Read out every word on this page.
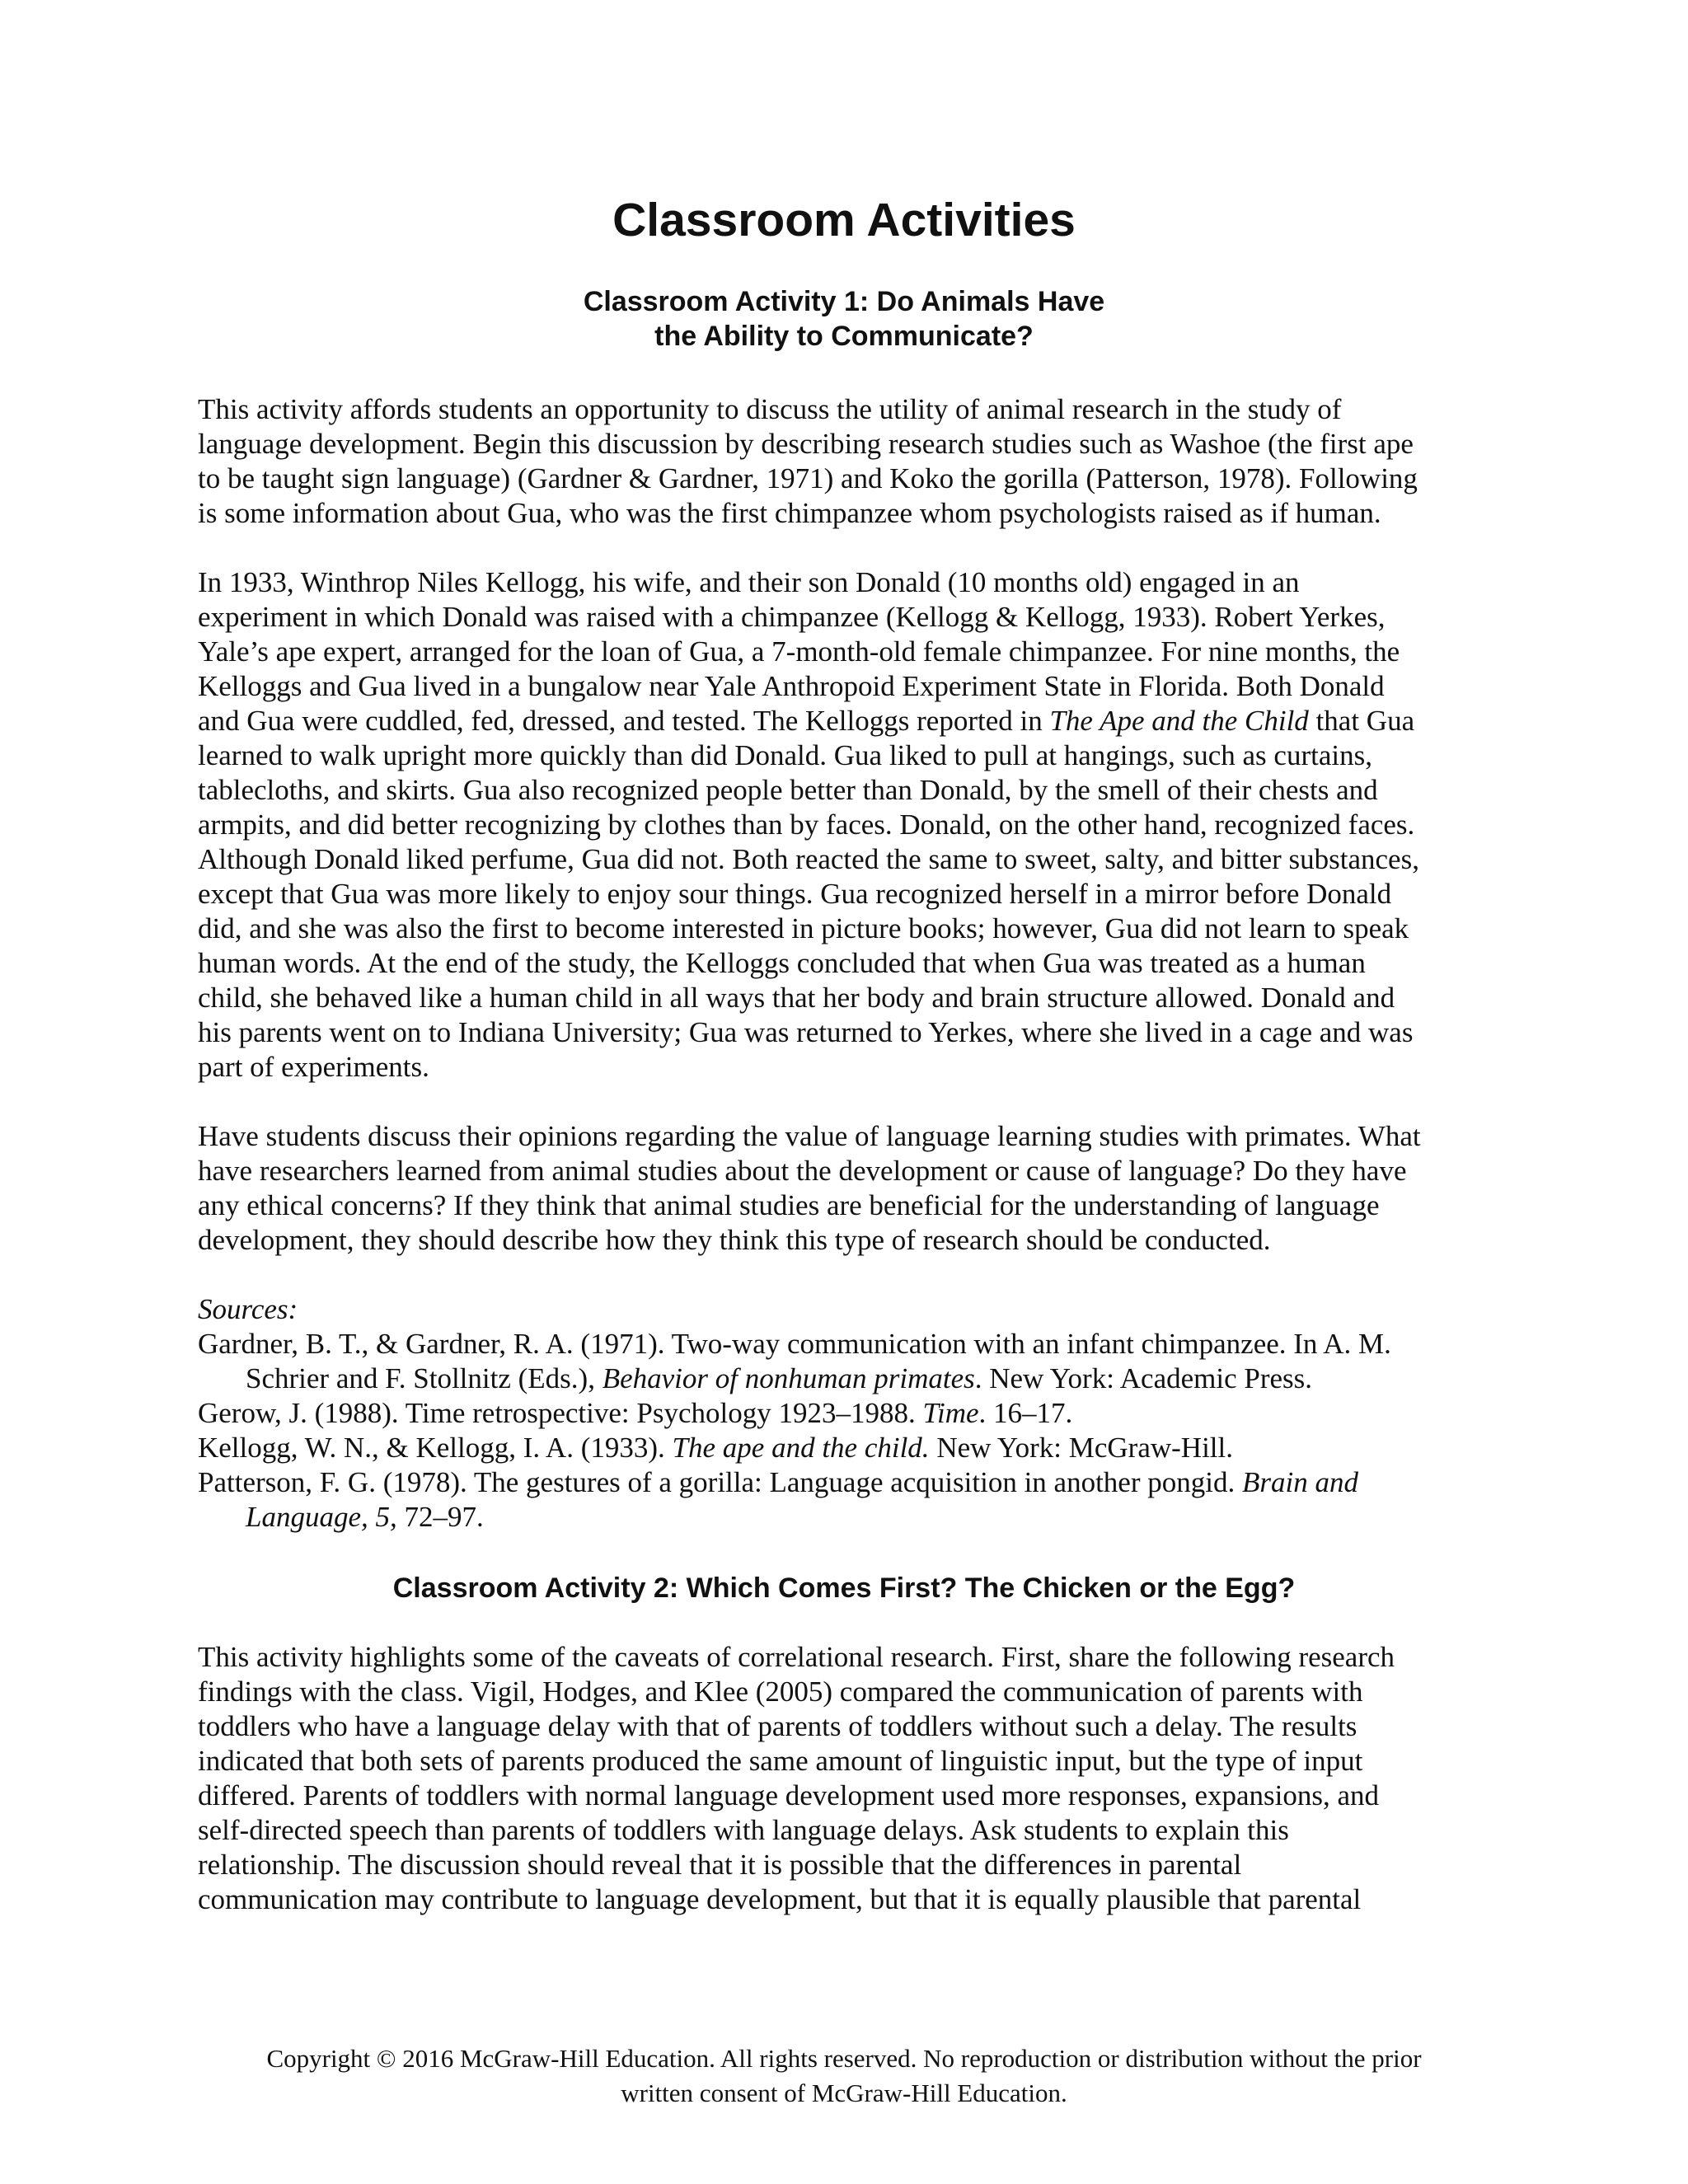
Classroom Activities
Classroom Activity 1: Do Animals Have
the Ability to Communicate?

This activity affords students an opportunity to discuss the utility of animal research in the study of
language development. Begin this discussion by describing research studies such as Washoe (the first ape
to be taught sign language) (Gardner & Gardner, 1971) and Koko the gorilla (Patterson, 1978). Following
is some information about Gua, who was the first chimpanzee whom psychologists raised as if human.

In 1933, Winthrop Niles Kellogg, his wife, and their son Donald (10 months old) engaged in an
experiment in which Donald was raised with a chimpanzee (Kellogg & Kellogg, 1933). Robert Yerkes,
Yale’s ape expert, arranged for the loan of Gua, a 7-month-old female chimpanzee. For nine months, the
Kelloggs and Gua lived in a bungalow near Yale Anthropoid Experiment State in Florida. Both Donald
and Gua were cuddled, fed, dressed, and tested. The Kelloggs reported in The Ape and the Child that Gua
learned to walk upright more quickly than did Donald. Gua liked to pull at hangings, such as curtains,
tablecloths, and skirts. Gua also recognized people better than Donald, by the smell of their chests and
armpits, and did better recognizing by clothes than by faces. Donald, on the other hand, recognized faces.
Although Donald liked perfume, Gua did not. Both reacted the same to sweet, salty, and bitter substances,
except that Gua was more likely to enjoy sour things. Gua recognized herself in a mirror before Donald
did, and she was also the first to become interested in picture books; however, Gua did not learn to speak
human words. At the end of the study, the Kelloggs concluded that when Gua was treated as a human
child, she behaved like a human child in all ways that her body and brain structure allowed. Donald and
his parents went on to Indiana University; Gua was returned to Yerkes, where she lived in a cage and was
part of experiments.

Have students discuss their opinions regarding the value of language learning studies with primates. What
have researchers learned from animal studies about the development or cause of language? Do they have
any ethical concerns? If they think that animal studies are beneficial for the understanding of language
development, they should describe how they think this type of research should be conducted.

Sources:
Gardner, B. T., & Gardner, R. A. (1971). Two-way communication with an infant chimpanzee. In A. M.
Schrier and F. Stollnitz (Eds.), Behavior of nonhuman primates. New York: Academic Press.
Gerow, J. (1988). Time retrospective: Psychology 1923–1988. Time. 16–17.
Kellogg, W. N., & Kellogg, I. A. (1933). The ape and the child. New York: McGraw-Hill.
Patterson, F. G. (1978). The gestures of a gorilla: Language acquisition in another pongid. Brain and
Language, 5, 72–97.
Classroom Activity 2: Which Comes First? The Chicken or the Egg?

This activity highlights some of the caveats of correlational research. First, share the following research
findings with the class. Vigil, Hodges, and Klee (2005) compared the communication of parents with
toddlers who have a language delay with that of parents of toddlers without such a delay. The results
indicated that both sets of parents produced the same amount of linguistic input, but the type of input
differed. Parents of toddlers with normal language development used more responses, expansions, and
self-directed speech than parents of toddlers with language delays. Ask students to explain this
relationship. The discussion should reveal that it is possible that the differences in parental
communication may contribute to language development, but that it is equally plausible that parental

Copyright © 2016 McGraw-Hill Education. All rights reserved. No reproduction or distribution without the prior
written consent of McGraw-Hill Education.
